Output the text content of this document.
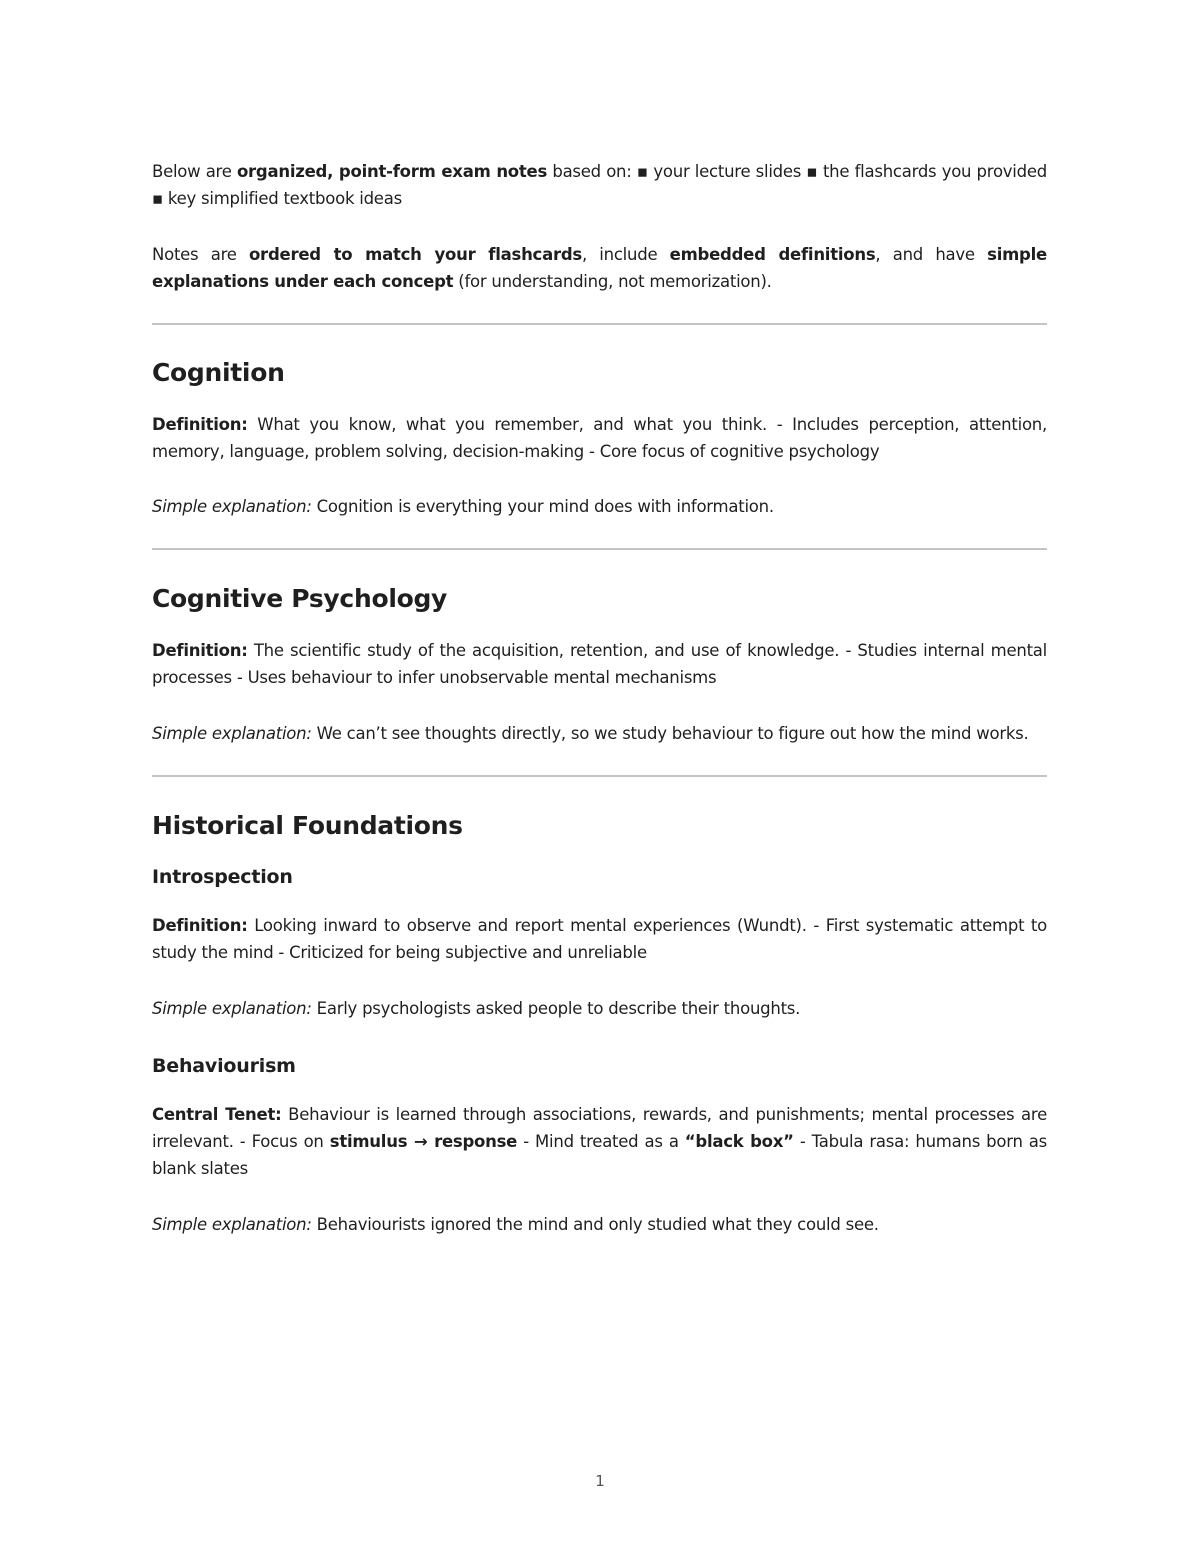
Below are organized, point-form exam notes based on: ▪ your lecture slides ▪ the flashcards you provided ▪ key simplified textbook ideas

Notes are ordered to match your flashcards, include embedded definitions, and have simple explanations under each concept (for understanding, not memorization).

Cognition

Definition: What you know, what you remember, and what you think. - Includes perception, attention, memory, language, problem solving, decision-making - Core focus of cognitive psychology

Simple explanation: Cognition is everything your mind does with information.

Cognitive Psychology

Definition: The scientific study of the acquisition, retention, and use of knowledge. - Studies internal mental processes - Uses behaviour to infer unobservable mental mechanisms

Simple explanation: We can’t see thoughts directly, so we study behaviour to figure out how the mind works.

Historical Foundations
Introspection

Definition: Looking inward to observe and report mental experiences (Wundt). - First systematic attempt to study the mind - Criticized for being subjective and unreliable

Simple explanation: Early psychologists asked people to describe their thoughts.

Behaviourism

Central Tenet: Behaviour is learned through associations, rewards, and punishments; mental processes are irrelevant. - Focus on stimulus → response - Mind treated as a “black box” - Tabula rasa: humans born as blank slates

Simple explanation: Behaviourists ignored the mind and only studied what they could see.

1
